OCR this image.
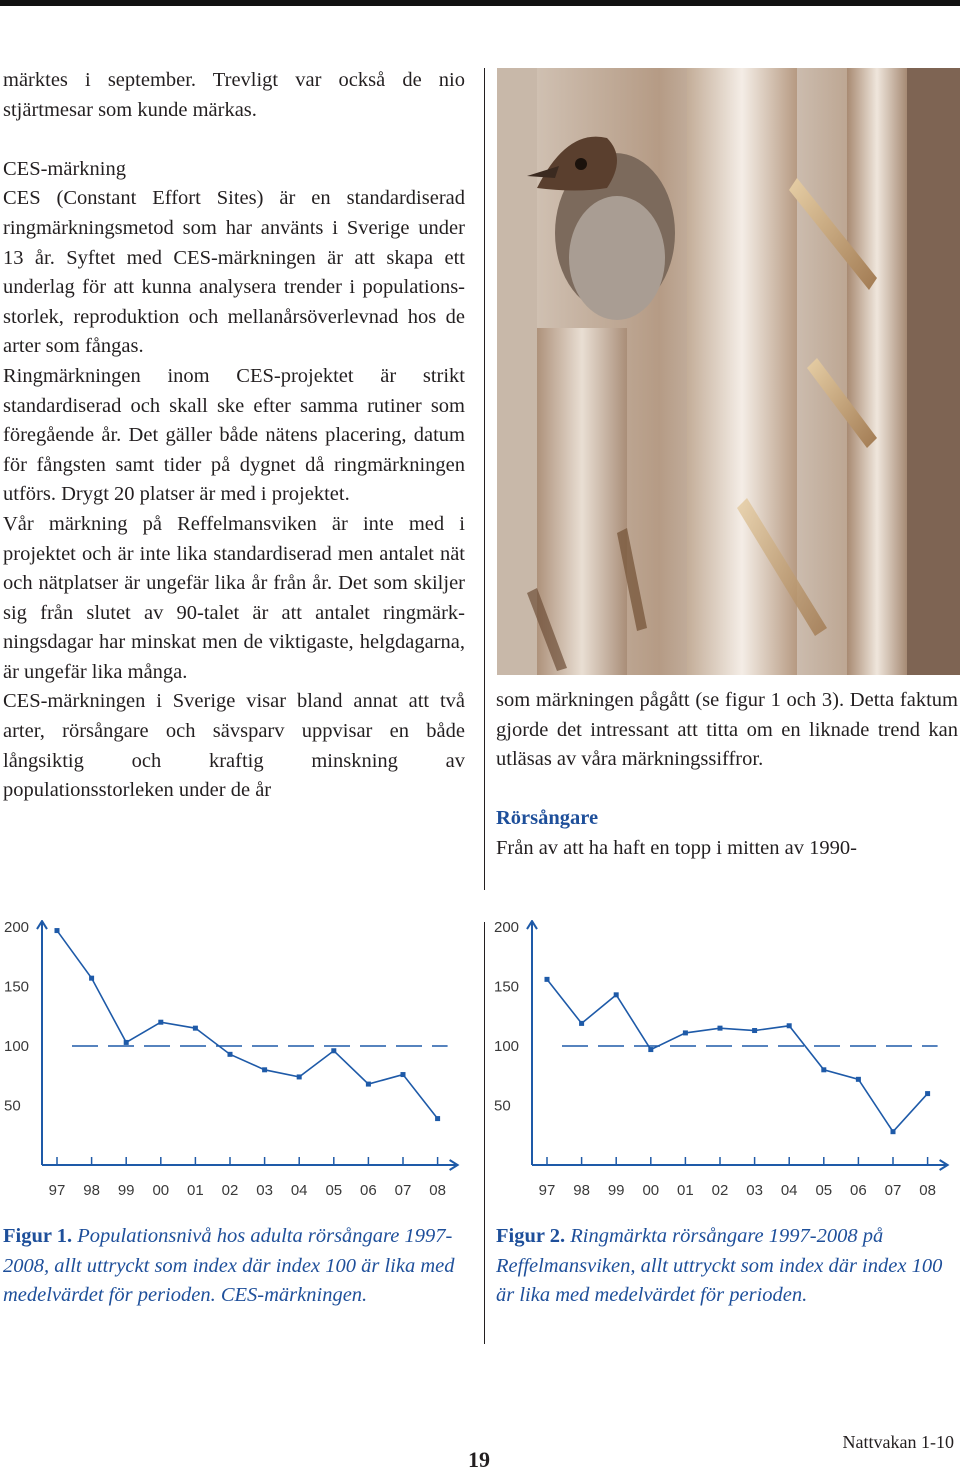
märktes i september. Trevligt var också de nio stjärtmesar som kunde märkas.

CES-märkning

CES (Constant Effort Sites) är en standardiserad ringmärkningsmetod som har använts i Sverige under 13 år. Syftet med CES-märkningen är att skapa ett underlag för att kunna analysera trender i populations-storlek, reproduktion och mellanårsöverlevnad hos de arter som fångas.

Ringmärkningen inom CES-projektet är strikt standardiserad och skall ske efter samma rutiner som föregående år. Det gäller både nätens placering, datum för fångsten samt tider på dygnet då ringmärkningen utförs. Drygt 20 platser är med i projektet.

Vår märkning på Reffelmansviken är inte med i projektet och är inte lika standardiserad men antalet nät och nätplatser är ungefär lika år från år. Det som skiljer sig från slutet av 90-talet är att antalet ringmärkningsdagar har minskat men de viktigaste, helgdagarna, är ungefär lika många.

CES-märkningen i Sverige visar bland annat att två arter, rörsångare och sävsparv uppvisar en både långsiktig och kraftig minskning av populationsstorleken under de år

som märkningen pågått (se figur 1 och 3). Detta faktum gjorde det intressant att titta om en liknade trend kan utläsas av våra märkningssiffror.

Rörsångare

Från av att ha haft en topp i mitten av 1990-

200
150
100
50
97 98 99 00 01 02 03 04 05 06 07 08
200
150
100
50
97 98 99 00 01 02 03 04 05 06 07 08
Figur 1. Populationsnivå hos adulta rörsångare 1997-2008, allt uttryckt som index där index 100 är lika med medelvärdet för perioden. CES-märkningen.
Figur 2. Ringmärkta rörsångare 1997-2008 på Reffelmansviken, allt uttryckt som index där index 100 är lika med medelvärdet för perioden.
19
Nattvakan 1-10
